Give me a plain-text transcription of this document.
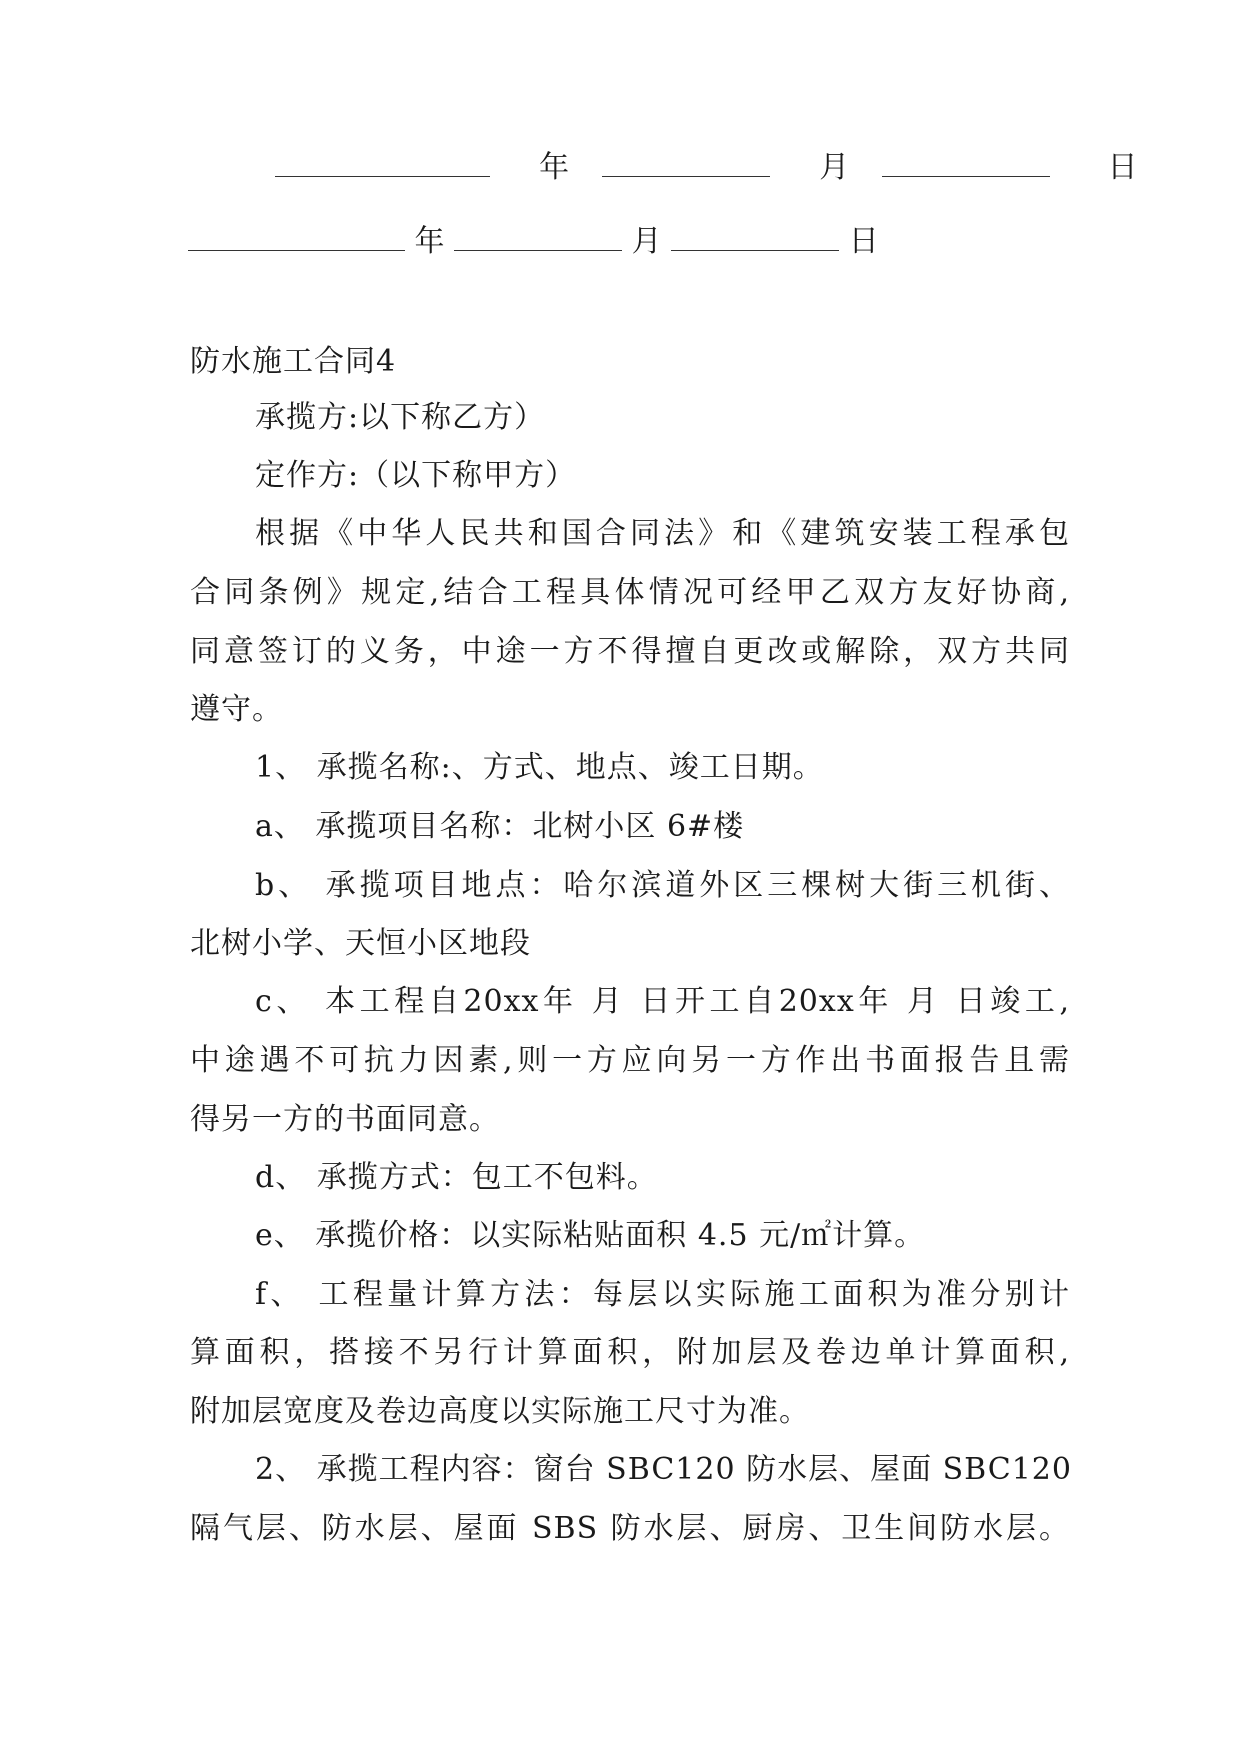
年	月	日
年	月	日
防水施工合同4
承揽方:以下称乙方）
定作方:（以下称甲方）
根据《中华人民共和国合同法》和《建筑安装工程承包
合同条例》规定,结合工程具体情况可经甲乙双方友好协商,
同意签订的义务，中途一方不得擅自更改或解除，双方共同
遵守。
1、 承揽名称:、方式、地点、竣工日期。
a、 承揽项目名称：北树小区 6#楼
b、 承揽项目地点：哈尔滨道外区三棵树大街三机街、
北树小学、天恒小区地段
c、 本工程自20xx年 月 日开工自20xx年 月 日竣工,
中途遇不可抗力因素,则一方应向另一方作出书面报告且需
得另一方的书面同意。
d、 承揽方式：包工不包料。
e、 承揽价格：以实际粘贴面积 4.5 元/㎡计算。
f、 工程量计算方法：每层以实际施工面积为准分别计
算面积，搭接不另行计算面积，附加层及卷边单计算面积,
附加层宽度及卷边高度以实际施工尺寸为准。
2、 承揽工程内容：窗台 SBC120 防水层、屋面 SBC120
隔气层、防水层、屋面 SBS 防水层、厨房、卫生间防水层。
